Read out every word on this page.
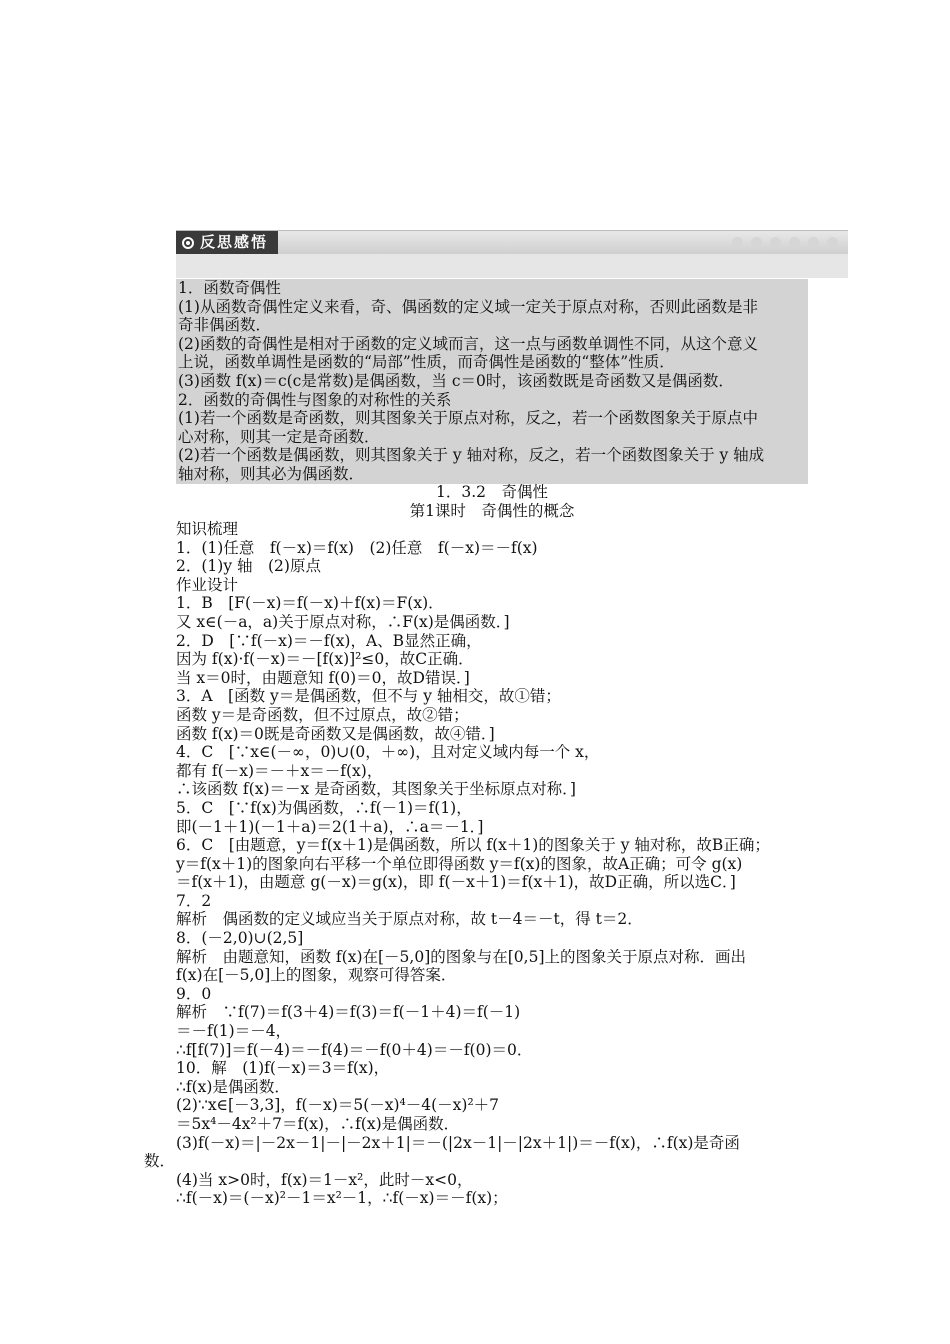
反思感悟
1．函数奇偶性
(1)从函数奇偶性定义来看，奇、偶函数的定义域一定关于原点对称，否则此函数是非
奇非偶函数．
(2)函数的奇偶性是相对于函数的定义域而言，这一点与函数单调性不同，从这个意义
上说，函数单调性是函数的“局部”性质，而奇偶性是函数的“整体”性质．
(3)函数 f(x)＝c(c是常数)是偶函数，当 c＝0时，该函数既是奇函数又是偶函数．
2．函数的奇偶性与图象的对称性的关系
(1)若一个函数是奇函数，则其图象关于原点对称，反之，若一个函数图象关于原点中
心对称，则其一定是奇函数．
(2)若一个函数是偶函数，则其图象关于 y 轴对称，反之，若一个函数图象关于 y 轴成
轴对称，则其必为偶函数．
1．3.2　奇偶性
第1课时　奇偶性的概念
知识梳理
1．(1)任意　f(－x)＝f(x)　(2)任意　f(－x)＝－f(x)
2．(1)y 轴　(2)原点
作业设计
1．B　[F(－x)＝f(－x)＋f(x)＝F(x)．
又 x∈(－a，a)关于原点对称，∴F(x)是偶函数．]
2．D　[∵f(－x)＝－f(x)，A、B显然正确，
因为 f(x)·f(－x)＝－[f(x)]²≤0，故C正确．
当 x＝0时，由题意知 f(0)＝0，故D错误．]
3．A　[函数 y＝是偶函数，但不与 y 轴相交，故①错；
函数 y＝是奇函数，但不过原点，故②错；
函数 f(x)＝0既是奇函数又是偶函数，故④错．]
4．C　[∵x∈(－∞，0)∪(0，＋∞)，且对定义域内每一个 x，
都有 f(－x)＝－＋x＝－f(x)，
∴该函数 f(x)＝－x 是奇函数，其图象关于坐标原点对称．]
5．C　[∵f(x)为偶函数，∴f(－1)＝f(1)，
即(－1＋1)(－1＋a)＝2(1＋a)，∴a＝－1．]
6．C　[由题意，y＝f(x＋1)是偶函数，所以 f(x＋1)的图象关于 y 轴对称，故B正确；
y＝f(x＋1)的图象向右平移一个单位即得函数 y＝f(x)的图象，故A正确；可令 g(x)
＝f(x＋1)，由题意 g(－x)＝g(x)，即 f(－x＋1)＝f(x＋1)，故D正确，所以选C．]
7．2
解析　偶函数的定义域应当关于原点对称，故 t－4＝－t，得 t＝2．
8．(－2,0)∪(2,5]
解析　由题意知，函数 f(x)在[－5,0]的图象与在[0,5]上的图象关于原点对称．画出
f(x)在[－5,0]上的图象，观察可得答案．
9．0
解析　∵f(7)＝f(3＋4)＝f(3)＝f(－1＋4)＝f(－1)
＝－f(1)＝－4，
∴f[f(7)]＝f(－4)＝－f(4)＝－f(0＋4)＝－f(0)＝0．
10．解　(1)f(－x)＝3＝f(x)，
∴f(x)是偶函数．
(2)∵x∈[－3,3]，f(－x)＝5(－x)⁴－4(－x)²＋7
＝5x⁴－4x²＋7＝f(x)，∴f(x)是偶函数．
(3)f(－x)＝|－2x－1|－|－2x＋1|＝－(|2x－1|－|2x＋1|)＝－f(x)，∴f(x)是奇函
数．
(4)当 x>0时，f(x)＝1－x²，此时－x<0，
∴f(－x)＝(－x)²－1＝x²－1，∴f(－x)＝－f(x)；
